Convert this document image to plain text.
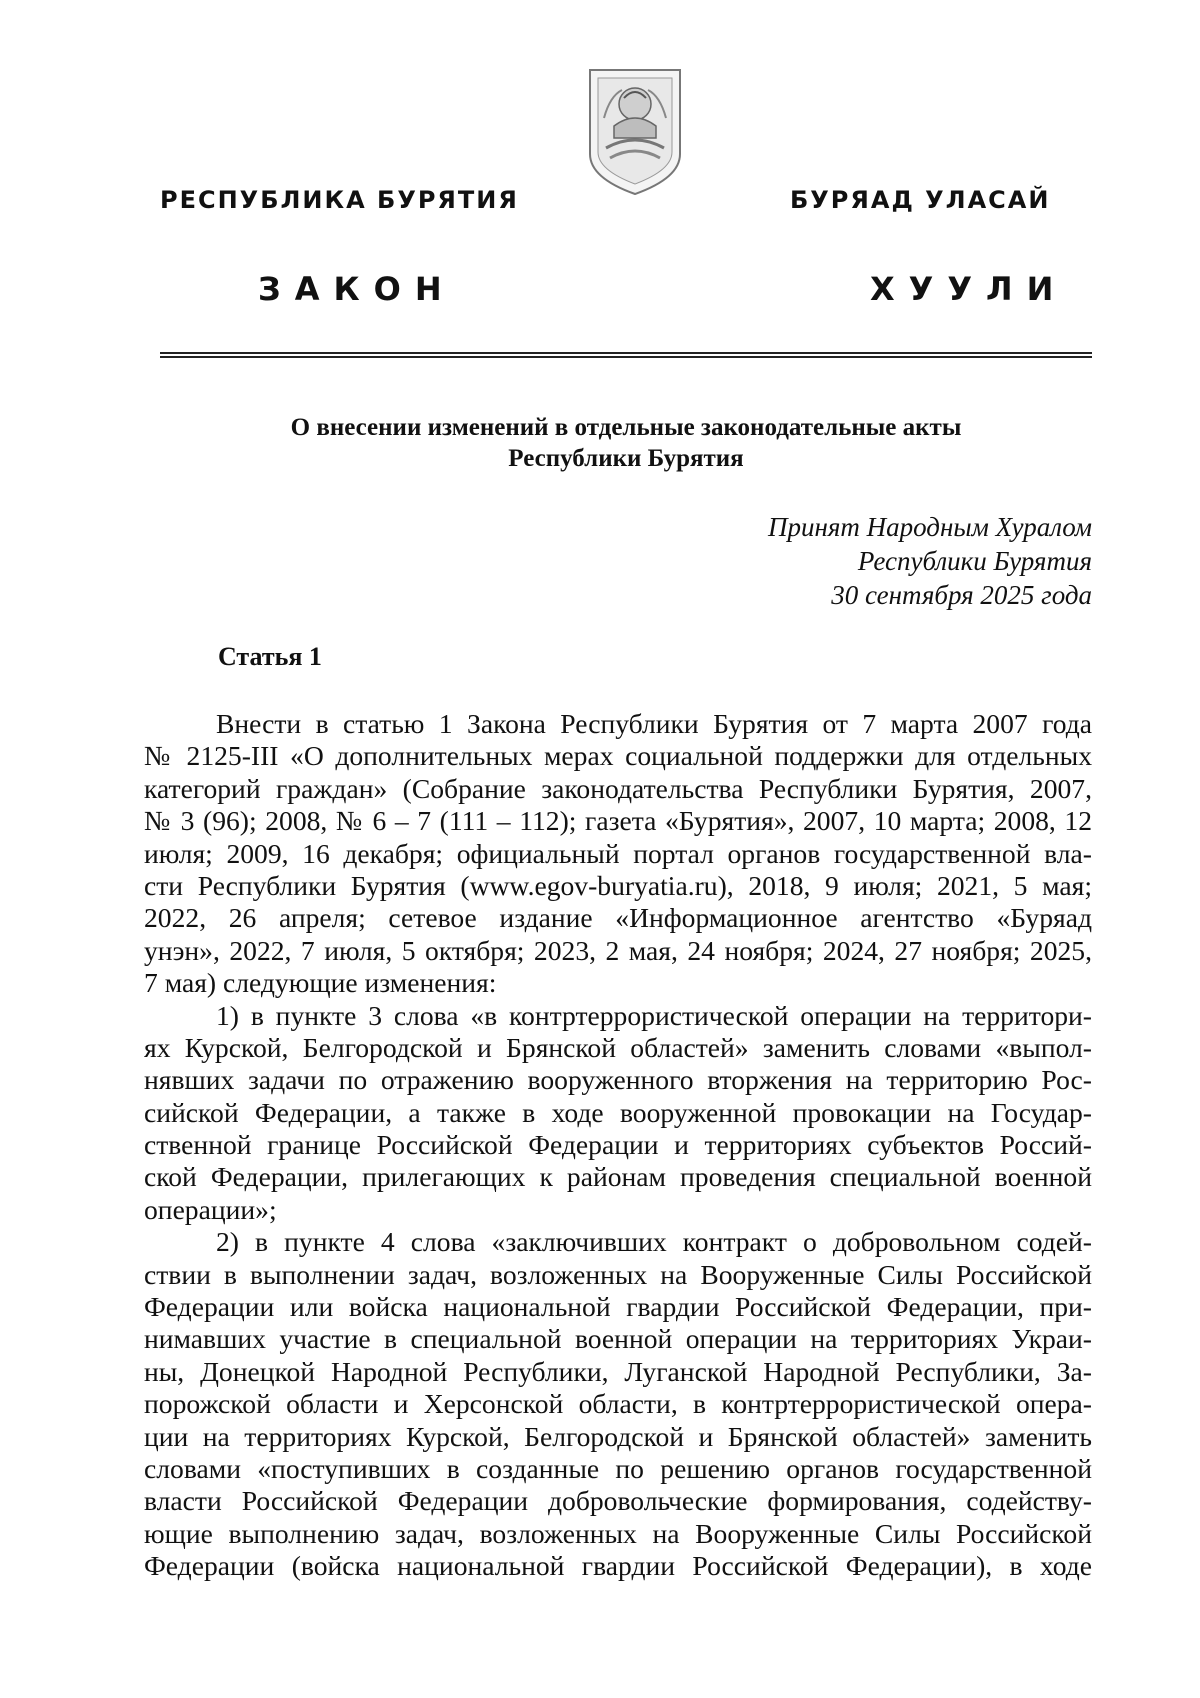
РЕСПУБЛИКА БУРЯТИЯ	БУРЯАД УЛАСАЙ
ЗАКОН	ХУУЛИ
О внесении изменений в отдельные законодательные акты
Республики Бурятия
Принят Народным Хуралом
Республики Бурятия
30 сентября 2025 года
Статья 1
Внести в статью 1 Закона Республики Бурятия от 7 марта 2007 года
№ 2125-III «О дополнительных мерах социальной поддержки для отдельных
категорий граждан» (Собрание законодательства Республики Бурятия, 2007,
№ 3 (96); 2008, № 6 – 7 (111 – 112); газета «Бурятия», 2007, 10 марта; 2008, 12
июля; 2009, 16 декабря; официальный портал органов государственной вла-
сти Республики Бурятия (www.egov-buryatia.ru), 2018, 9 июля; 2021, 5 мая;
2022, 26 апреля; сетевое издание «Информационное агентство «Буряад
унэн», 2022, 7 июля, 5 октября; 2023, 2 мая, 24 ноября; 2024, 27 ноября; 2025,
7 мая) следующие изменения:
1) в пункте 3 слова «в контртеррористической операции на территори-
ях Курской, Белгородской и Брянской областей» заменить словами «выпол-
нявших задачи по отражению вооруженного вторжения на территорию Рос-
сийской Федерации, а также в ходе вооруженной провокации на Государ-
ственной границе Российской Федерации и территориях субъектов Россий-
ской Федерации, прилегающих к районам проведения специальной военной
операции»;
2) в пункте 4 слова «заключивших контракт о добровольном содей-
ствии в выполнении задач, возложенных на Вооруженные Силы Российской
Федерации или войска национальной гвардии Российской Федерации, при-
нимавших участие в специальной военной операции на территориях Украи-
ны, Донецкой Народной Республики, Луганской Народной Республики, За-
порожской области и Херсонской области, в контртеррористической опера-
ции на территориях Курской, Белгородской и Брянской областей» заменить
словами «поступивших в созданные по решению органов государственной
власти Российской Федерации добровольческие формирования, содейству-
ющие выполнению задач, возложенных на Вооруженные Силы Российской
Федерации (войска национальной гвардии Российской Федерации), в ходе
